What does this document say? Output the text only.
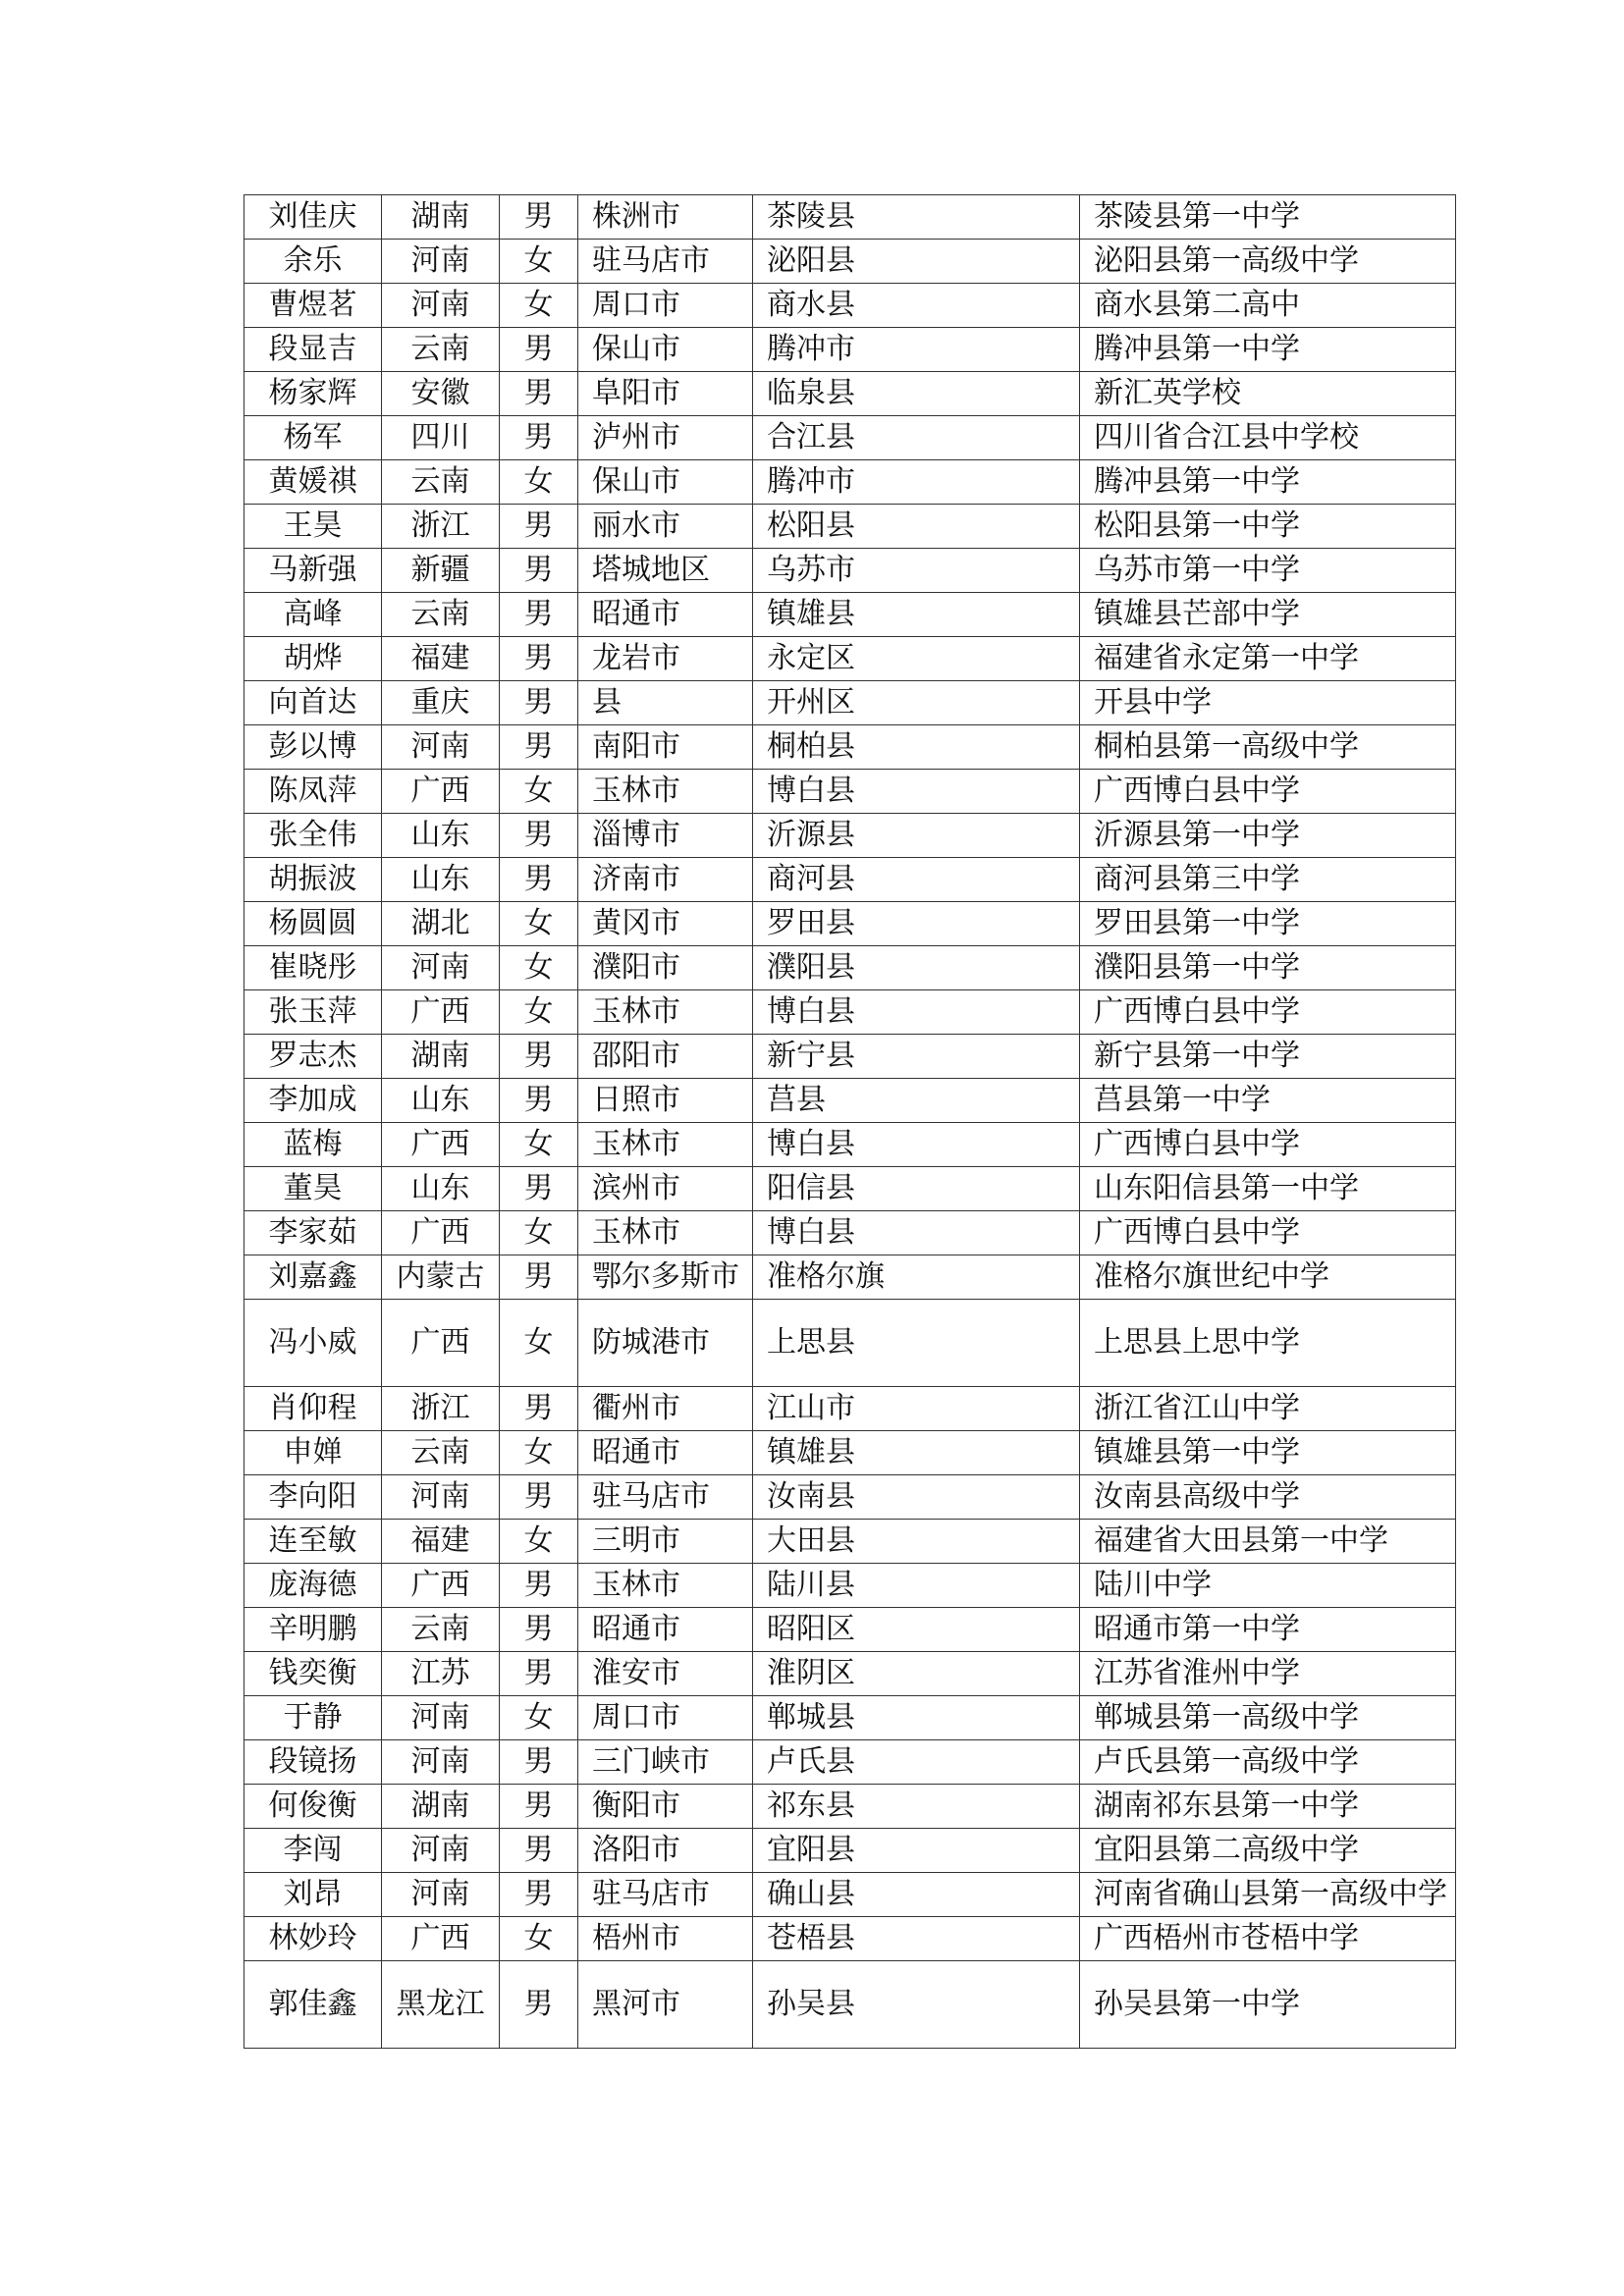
刘佳庆	湖南	男	株洲市	茶陵县	茶陵县第一中学
余乐	河南	女	驻马店市	泌阳县	泌阳县第一高级中学
曹煜茗	河南	女	周口市	商水县	商水县第二高中
段显吉	云南	男	保山市	腾冲市	腾冲县第一中学
杨家辉	安徽	男	阜阳市	临泉县	新汇英学校
杨军	四川	男	泸州市	合江县	四川省合江县中学校
黄媛祺	云南	女	保山市	腾冲市	腾冲县第一中学
王昊	浙江	男	丽水市	松阳县	松阳县第一中学
马新强	新疆	男	塔城地区	乌苏市	乌苏市第一中学
高峰	云南	男	昭通市	镇雄县	镇雄县芒部中学
胡烨	福建	男	龙岩市	永定区	福建省永定第一中学
向首达	重庆	男	县	开州区	开县中学
彭以博	河南	男	南阳市	桐柏县	桐柏县第一高级中学
陈凤萍	广西	女	玉林市	博白县	广西博白县中学
张全伟	山东	男	淄博市	沂源县	沂源县第一中学
胡振波	山东	男	济南市	商河县	商河县第三中学
杨圆圆	湖北	女	黄冈市	罗田县	罗田县第一中学
崔晓彤	河南	女	濮阳市	濮阳县	濮阳县第一中学
张玉萍	广西	女	玉林市	博白县	广西博白县中学
罗志杰	湖南	男	邵阳市	新宁县	新宁县第一中学
李加成	山东	男	日照市	莒县	莒县第一中学
蓝梅	广西	女	玉林市	博白县	广西博白县中学
董昊	山东	男	滨州市	阳信县	山东阳信县第一中学
李家茹	广西	女	玉林市	博白县	广西博白县中学
刘嘉鑫	内蒙古	男	鄂尔多斯市	准格尔旗	准格尔旗世纪中学
冯小威	广西	女	防城港市	上思县	上思县上思中学
肖仰程	浙江	男	衢州市	江山市	浙江省江山中学
申婵	云南	女	昭通市	镇雄县	镇雄县第一中学
李向阳	河南	男	驻马店市	汝南县	汝南县高级中学
连至敏	福建	女	三明市	大田县	福建省大田县第一中学
庞海德	广西	男	玉林市	陆川县	陆川中学
辛明鹏	云南	男	昭通市	昭阳区	昭通市第一中学
钱奕衡	江苏	男	淮安市	淮阴区	江苏省淮州中学
于静	河南	女	周口市	郸城县	郸城县第一高级中学
段镜扬	河南	男	三门峡市	卢氏县	卢氏县第一高级中学
何俊衡	湖南	男	衡阳市	祁东县	湖南祁东县第一中学
李闯	河南	男	洛阳市	宜阳县	宜阳县第二高级中学
刘昂	河南	男	驻马店市	确山县	河南省确山县第一高级中学
林妙玲	广西	女	梧州市	苍梧县	广西梧州市苍梧中学
郭佳鑫	黑龙江	男	黑河市	孙吴县	孙吴县第一中学
